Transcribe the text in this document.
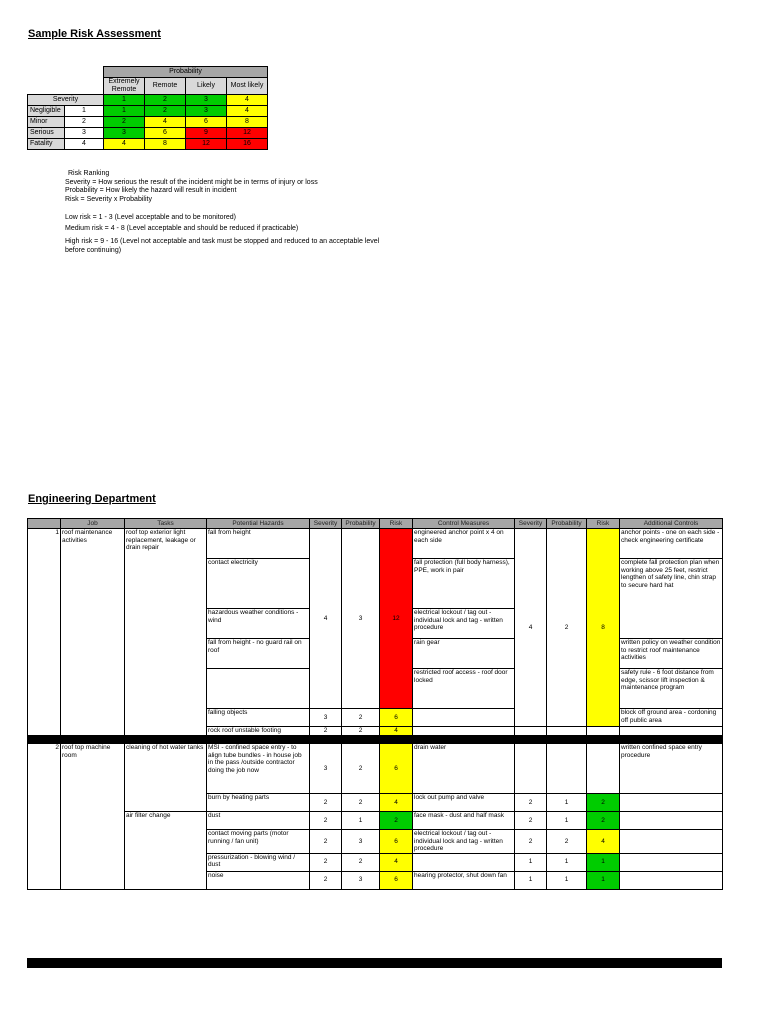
Sample Risk Assessment
		Probability			
		Extremely Remote	Remote	Likely	Most likely
Severity		1	2	3	4
Negligible	1	1	2	3	4
Minor	2	2	4	6	8
Serious	3	3	6	9	12
Fatality	4	4	8	12	16
Risk Ranking
Severity = How serious the result of the incident might be in terms of injury or loss
Probability = How likely the hazard will result in incident
Risk = Severity x Probability
Low risk = 1 - 3 (Level acceptable and to be monitored)
Medium risk = 4 - 8 (Level acceptable and should be reduced if practicable)
High risk = 9 - 16 (Level not acceptable and task must be stopped and reduced to an acceptable level
before continuing)
Engineering Department
	Job	Tasks	Potential Hazards	Severity	Probability	Risk	Control Measures	Severity	Probability	Risk	Additional Controls
1	roof maintenance activities	roof top exterior light replacement, leakage or drain repair	fall from height	4	3	12	engineered anchor point x 4 on each side	4	2	8	anchor points - one on each side - check engineering certificate
			contact electricity				fall protection (full body harness), PPE, work in pair				complete fall protection plan when working above 25 feet, restrict lengthen of safety line, chin strap to secure hard hat
			hazardous weather conditions - wind				electrical lockout / tag out - individual lock and tag - written procedure				
			fall from height - no guard rail on roof				rain gear				written policy on weather condition to restrict roof maintenance activities
							restricted roof access - roof door locked				safety rule - 6 foot distance from edge, scissor lift inspection & maintenance program
			falling objects	3	2	6					block off ground area - cordoning off public area
			rock roof unstable footing	2	2	4					

2	roof top machine room	cleaning of hot water tanks	MSI - confined space entry - to align tube bundles - in house job in the pass /outside contractor doing the job now	3	2	6	drain water				written confined space entry procedure
			burn by heating parts	2	2	4	lock out pump and valve	2	1	2	
		air filter change	dust	2	1	2	face mask - dust and half mask	2	1	2	
			contact moving parts (motor running / fan unit)	2	3	6	electrical lockout / tag out - individual lock and tag - written procedure	2	2	4	
			pressurization - blowing wind / dust	2	2	4		1	1	1	
			noise	2	3	6	hearing protector, shut down fan	1	1	1	
